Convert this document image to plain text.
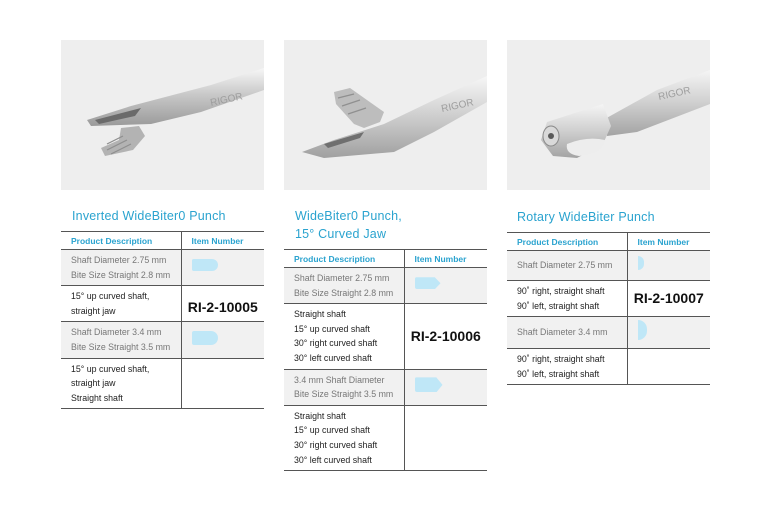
RIGOR
Inverted WideBiter0 Punch
Product Description	Item Number

Shaft Diameter 2.75 mm
Bite Size Straight 2.8 mm	

15° up curved shaft,
straight jaw	RI-2-10005

Shaft Diameter 3.4 mm
Bite Size Straight 3.5 mm	

15° up curved shaft,
straight jaw
Straight shaft	

RIGOR
WideBiter0 Punch,
15° Curved Jaw
Product Description	Item Number

Shaft Diameter 2.75 mm
Bite Size Straight 2.8 mm	

Straight shaft
15° up curved shaft
30° right curved shaft
30° left curved shaft	RI-2-10006

3.4 mm Shaft Diameter
Bite Size Straight 3.5 mm	

Straight shaft
15° up curved shaft
30° right curved shaft
30° left curved shaft	

RIGOR
Rotary WideBiter Punch
Product Description	Item Number

Shaft Diameter 2.75 mm	

90˚ right, straight shaft
90˚ left, straight shaft	RI-2-10007

Shaft Diameter 3.4 mm	

90˚ right, straight shaft
90˚ left, straight shaft	
